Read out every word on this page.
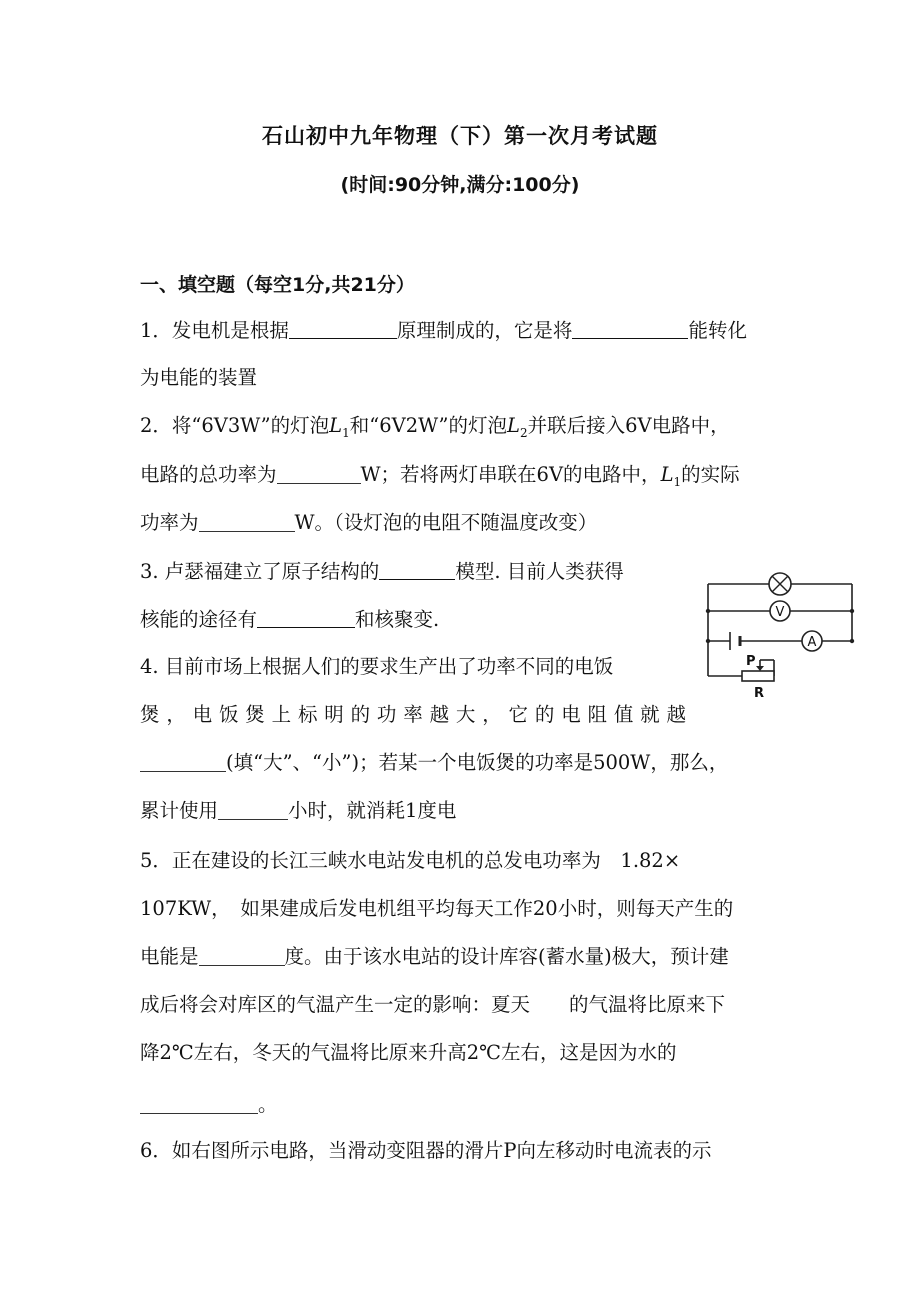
石山初中九年物理（下）第一次月考试题
(时间:90分钟,满分:100分)
一、填空题（每空1分,共21分）
1．发电机是根据	原理制成的，它是将	能转化
为电能的装置
2．将“6V3W”的灯泡$L_1$和“6V2W”的灯泡$L_2$并联后接入6V电路中，
电路的总功率为	W；若将两灯串联在6V的电路中，$L_1$的实际
功率为	W。（设灯泡的电阻不随温度改变）
3. 卢瑟福建立了原子结构的	模型. 目前人类获得
核能的途径有	和核聚变.
4. 目前市场上根据人们的要求生产出了功率不同的电饭
煲，电饭煲上标明的功率越大，它的电阻值就越
(填“大”、“小”)；若某一个电饭煲的功率是500W，那么，
累计使用	小时，就消耗1度电
5．正在建设的长江三峡水电站发电机的总发电功率为　1.82×
107KW，　如果建成后发电机组平均每天工作20小时，则每天产生的
电能是	度。由于该水电站的设计库容(蓄水量)极大，预计建
成后将会对库区的气温产生一定的影响：夏天　　的气温将比原来下
降2℃左右，冬天的气温将比原来升高2℃左右，这是因为水的
。
6．如右图所示电路，当滑动变阻器的滑片P向左移动时电流表的示
V
A
P
R
